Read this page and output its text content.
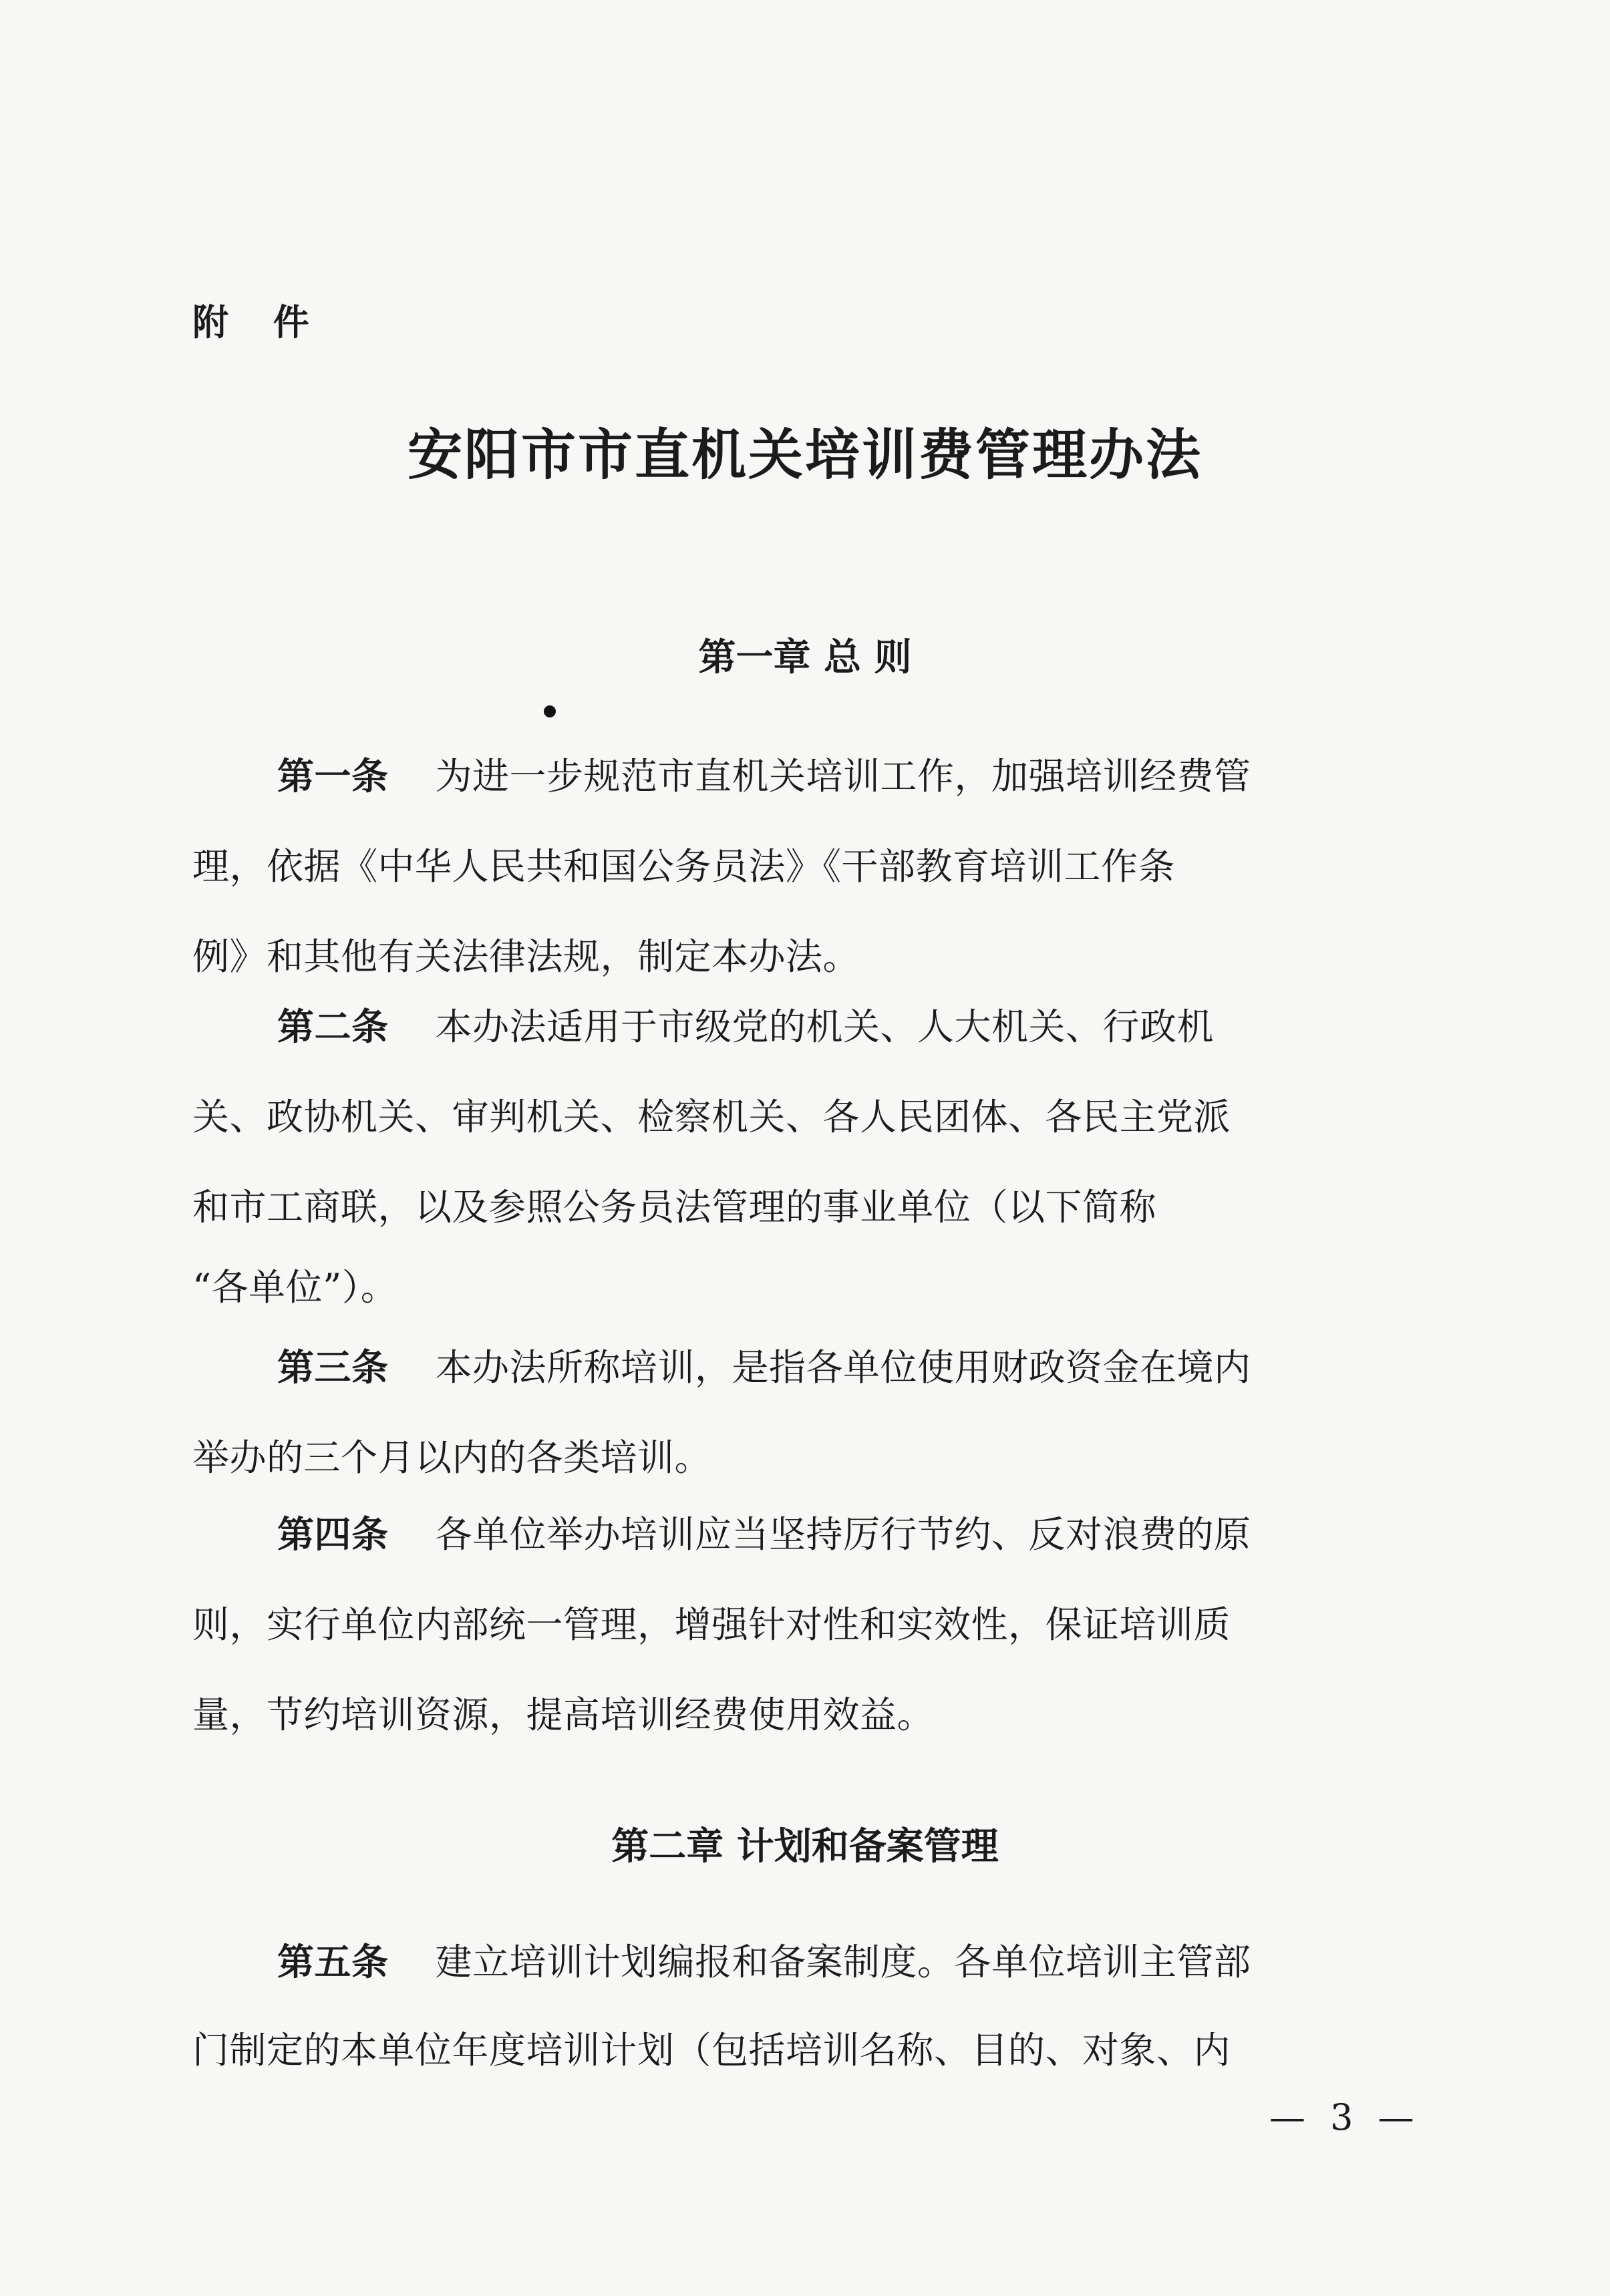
附 件
安阳市市直机关培训费管理办法
第一章 总 则
第一条 为进一步规范市直机关培训工作，加强培训经费管
理，依据《中华人民共和国公务员法》《干部教育培训工作条
例》和其他有关法律法规，制定本办法。
第二条 本办法适用于市级党的机关、人大机关、行政机
关、政协机关、审判机关、检察机关、各人民团体、各民主党派
和市工商联，以及参照公务员法管理的事业单位（以下简称
“各单位”）。
第三条 本办法所称培训，是指各单位使用财政资金在境内
举办的三个月以内的各类培训。
第四条 各单位举办培训应当坚持厉行节约、反对浪费的原
则，实行单位内部统一管理，增强针对性和实效性，保证培训质
量，节约培训资源，提高培训经费使用效益。
第二章 计划和备案管理
第五条 建立培训计划编报和备案制度。各单位培训主管部
门制定的本单位年度培训计划（包括培训名称、目的、对象、内
— 3 —
